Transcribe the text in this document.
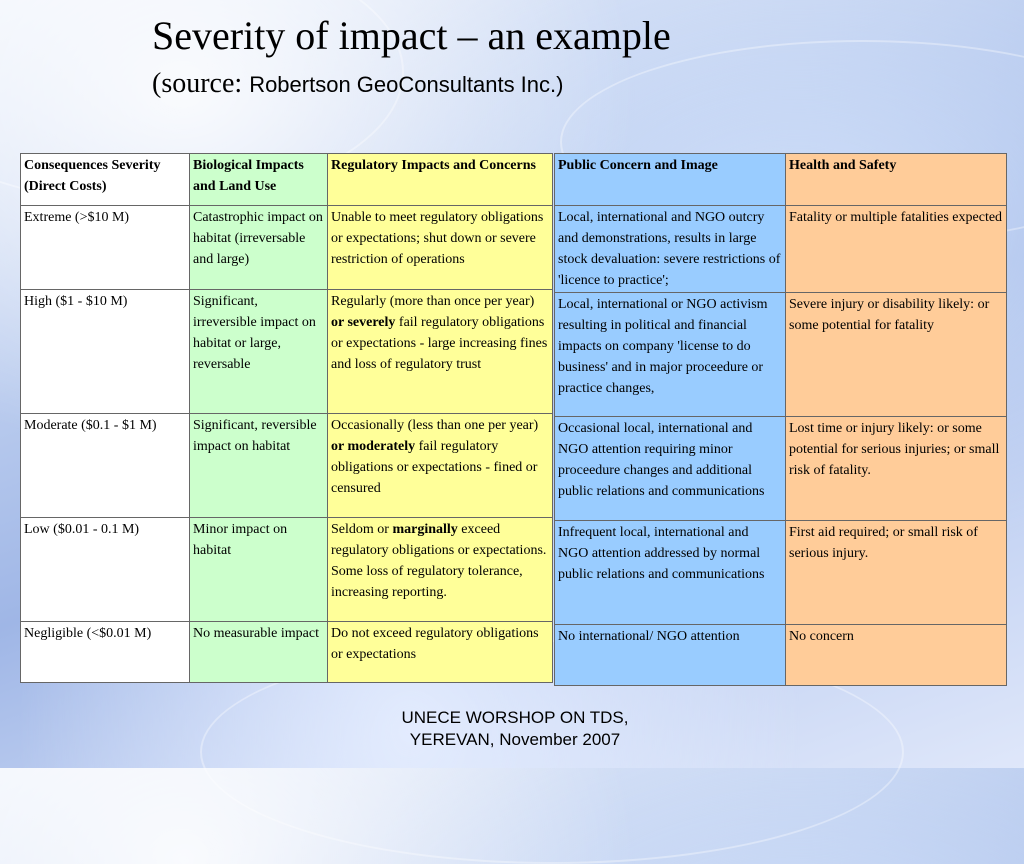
Severity of impact – an example
(source: Robertson GeoConsultants Inc.)
Consequences Severity (Direct Costs)	Biological Impacts and Land Use	Regulatory Impacts and Concerns
Extreme (>$10 M)	Catastrophic impact on habitat (irreversable and large)	Unable to meet regulatory obligations or expectations; shut down or severe restriction of operations
High ($1 - $10 M)	Significant, irreversible impact on habitat or large, reversable	Regularly (more than once per year) or severely fail regulatory obligations or expectations - large increasing fines and loss of regulatory trust
Moderate ($0.1 - $1 M)	Significant, reversible impact on habitat	Occasionally (less than one per year) or moderately fail regulatory obligations or expectations - fined or censured
Low ($0.01 - 0.1 M)	Minor impact on habitat	Seldom or marginally exceed regulatory obligations or expectations. Some loss of regulatory tolerance, increasing reporting.
Negligible (<$0.01 M)	No measurable impact	Do not exceed regulatory obligations or expectations
Public Concern and Image	Health and Safety
Local, international and NGO outcry and demonstrations, results in large stock devaluation: severe restrictions of 'licence to practice';	Fatality or multiple fatalities expected
Local, international or NGO activism resulting in political and financial impacts on company 'license to do business' and in major proceedure or practice changes,	Severe injury or disability likely: or some potential for fatality
Occasional local, international and NGO attention requiring minor proceedure changes and additional public relations and communications	Lost time or injury likely: or some potential for serious injuries; or small risk of fatality.
Infrequent local, international and NGO attention addressed by normal public relations and communications	First aid required; or small risk of serious injury.
No international/ NGO attention	No concern
UNECE WORSHOP ON TDS,
YEREVAN, November 2007
